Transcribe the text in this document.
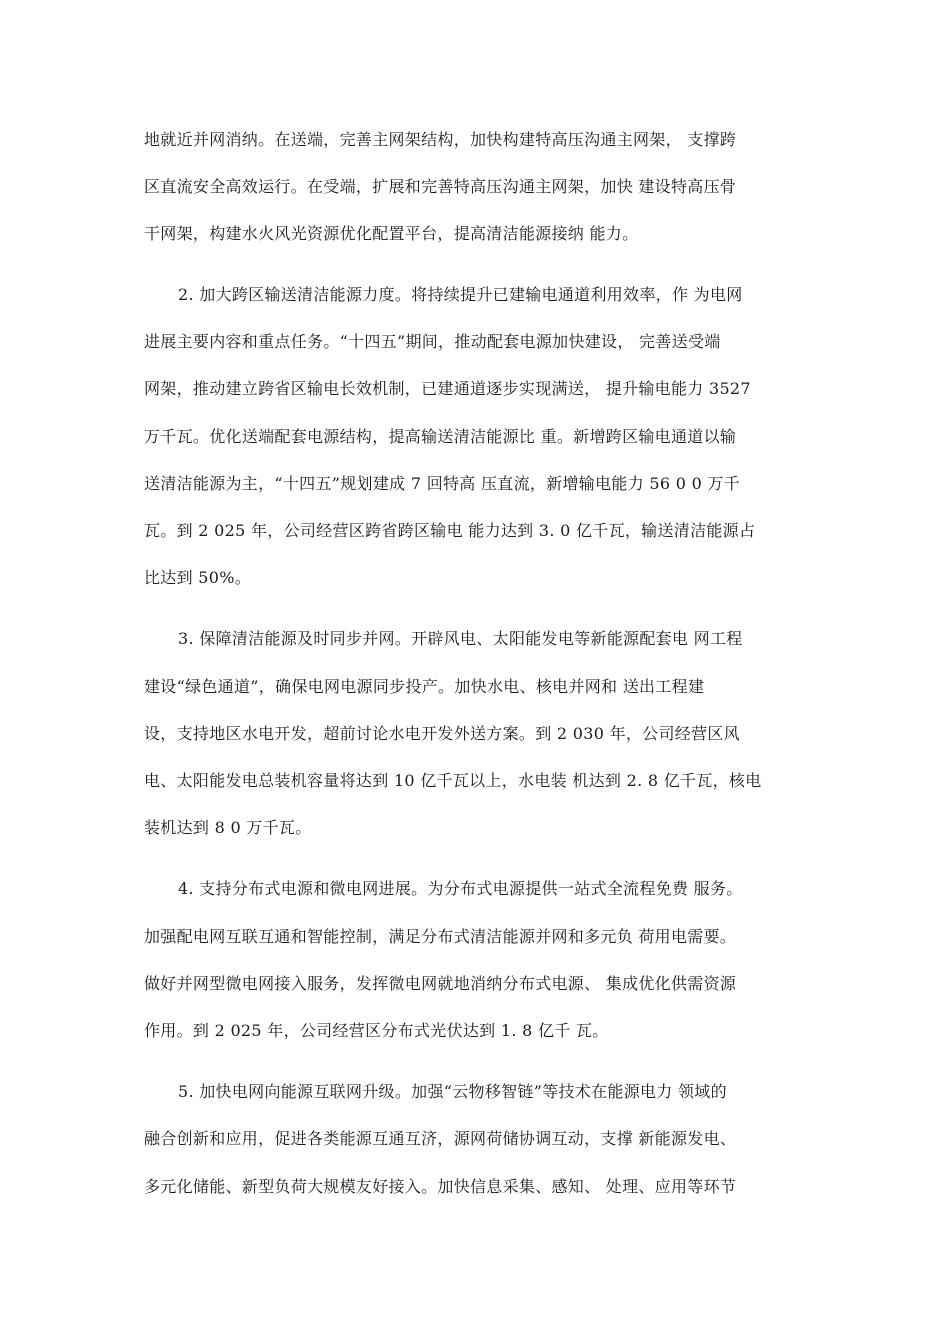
地就近并网消纳。在送端，完善主网架结构，加快构建特高压沟通主网架， 支撑跨
区直流安全高效运行。在受端，扩展和完善特高压沟通主网架，加快 建设特高压骨
干网架，构建水火风光资源优化配置平台，提高清洁能源接纳 能力。
2. 加大跨区输送清洁能源力度。将持续提升已建输电通道利用效率，作 为电网
进展主要内容和重点任务。“十四五”期间，推动配套电源加快建设， 完善送受端
网架，推动建立跨省区输电长效机制，已建通道逐步实现满送， 提升输电能力 3527
万千瓦。优化送端配套电源结构，提高输送清洁能源比 重。新增跨区输电通道以输
送清洁能源为主，“十四五”规划建成 7 回特高 压直流，新增输电能力 56 0 0 万千
瓦。到 2 025 年，公司经营区跨省跨区输电 能力达到 3. 0 亿千瓦，输送清洁能源占
比达到 50%。
3. 保障清洁能源及时同步并网。开辟风电、太阳能发电等新能源配套电 网工程
建设“绿色通道”，确保电网电源同步投产。加快水电、核电并网和 送出工程建
设，支持地区水电开发，超前讨论水电开发外送方案。到 2 030 年，公司经营区风
电、太阳能发电总装机容量将达到 10 亿千瓦以上，水电装 机达到 2. 8 亿千瓦，核电
装机达到 8 0 万千瓦。
4. 支持分布式电源和微电网进展。为分布式电源提供一站式全流程免费 服务。
加强配电网互联互通和智能控制，满足分布式清洁能源并网和多元负 荷用电需要。
做好并网型微电网接入服务，发挥微电网就地消纳分布式电源、 集成优化供需资源
作用。到 2 025 年，公司经营区分布式光伏达到 1. 8 亿千 瓦。
5. 加快电网向能源互联网升级。加强“云物移智链”等技术在能源电力 领域的
融合创新和应用，促进各类能源互通互济，源网荷储协调互动，支撑 新能源发电、
多元化储能、新型负荷大规模友好接入。加快信息采集、感知、 处理、应用等环节
